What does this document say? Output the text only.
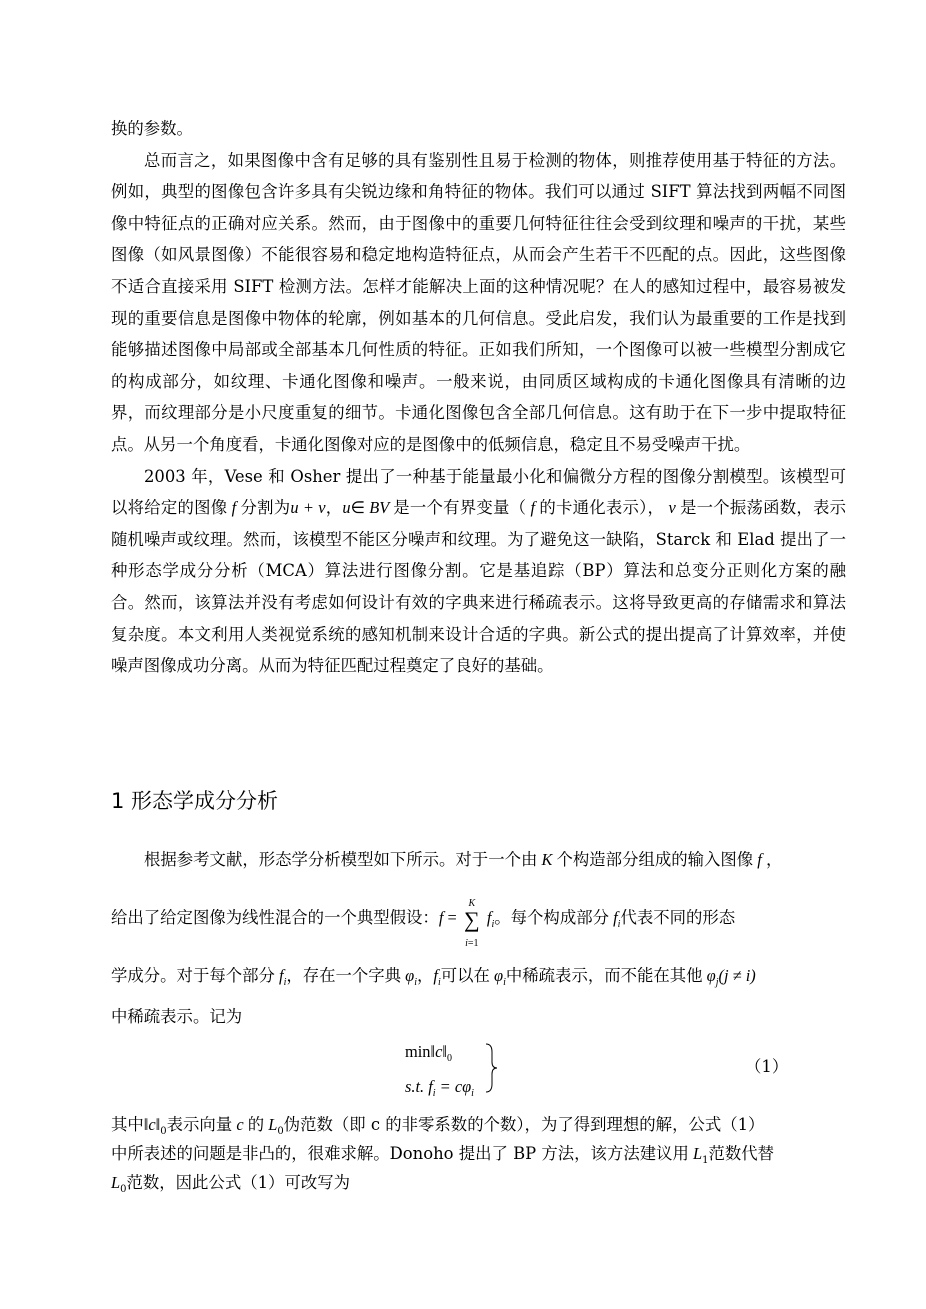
换的参数。

总而言之，如果图像中含有足够的具有鉴别性且易于检测的物体，则推荐使用基于特征的方法。例如，典型的图像包含许多具有尖锐边缘和角特征的物体。我们可以通过 SIFT 算法找到两幅不同图像中特征点的正确对应关系。然而，由于图像中的重要几何特征往往会受到纹理和噪声的干扰，某些图像（如风景图像）不能很容易和稳定地构造特征点，从而会产生若干不匹配的点。因此，这些图像不适合直接采用 SIFT 检测方法。怎样才能解决上面的这种情况呢？在人的感知过程中，最容易被发现的重要信息是图像中物体的轮廓，例如基本的几何信息。受此启发，我们认为最重要的工作是找到能够描述图像中局部或全部基本几何性质的特征。正如我们所知，一个图像可以被一些模型分割成它的构成部分，如纹理、卡通化图像和噪声。一般来说，由同质区域构成的卡通化图像具有清晰的边界，而纹理部分是小尺度重复的细节。卡通化图像包含全部几何信息。这有助于在下一步中提取特征点。从另一个角度看，卡通化图像对应的是图像中的低频信息，稳定且不易受噪声干扰。

2003 年，Vese 和 Osher 提出了一种基于能量最小化和偏微分方程的图像分割模型。该模型可以将给定的图像 f 分割为u + v，u∈ BV 是一个有界变量（ f 的卡通化表示）， v 是一个振荡函数，表示随机噪声或纹理。然而，该模型不能区分噪声和纹理。为了避免这一缺陷，Starck 和 Elad 提出了一种形态学成分分析（MCA）算法进行图像分割。它是基追踪（BP）算法和总变分正则化方案的融合。然而，该算法并没有考虑如何设计有效的字典来进行稀疏表示。这将导致更高的存储需求和算法复杂度。本文利用人类视觉系统的感知机制来设计合适的字典。新公式的提出提高了计算效率，并使噪声图像成功分离。从而为特征匹配过程奠定了良好的基础。

1 形态学成分分析
根据参考文献，形态学分析模型如下所示。对于一个由 K 个构造部分组成的输入图像 f ，
给出了给定图像为线性混合的一个典型假设：f =
K
∑
i=1
$f_i$。每个构成部分 $f_i$代表不同的形态
学成分。对于每个部分 $f_i$，存在一个字典 $\varphi_i$，$f_i$可以在 $\varphi_i$中稀疏表示，而不能在其他 $\varphi_j(j \ne i)$
中稀疏表示。记为
$\min‖c‖_0$
s.t. $f_i = c\varphi_i$
（1）
其中$‖c‖_0$表示向量 c 的 $L_0$伪范数（即 c 的非零系数的个数），为了得到理想的解，公式（1）
中所表述的问题是非凸的，很难求解。Donoho 提出了 BP 方法，该方法建议用 $L_1$范数代替
$L_0$范数，因此公式（1）可改写为
